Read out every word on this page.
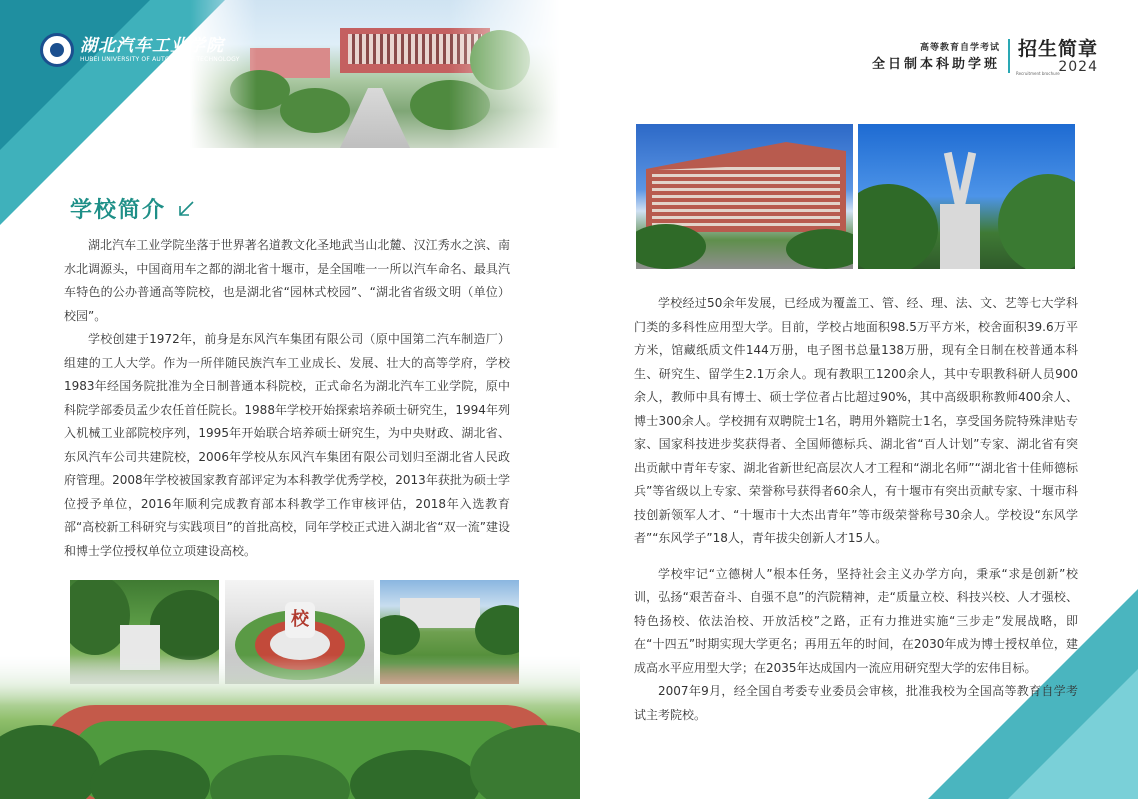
湖北汽车工业学院
HUBEI UNIVERSITY OF AUTOMOTIVE TECHNOLOGY
高等教育自学考试
全日制本科助学班
招生简章
2024
Recruitment brochure
学校简介

湖北汽车工业学院坐落于世界著名道教文化圣地武当山北麓、汉江秀水之滨、南水北调源头，中国商用车之都的湖北省十堰市，是全国唯一一所以汽车命名、最具汽车特色的公办普通高等院校，也是湖北省“园林式校园”、“湖北省省级文明（单位）校园”。

学校创建于1972年，前身是东风汽车集团有限公司（原中国第二汽车制造厂）组建的工人大学。作为一所伴随民族汽车工业成长、发展、壮大的高等学府，学校1983年经国务院批准为全日制普通本科院校，正式命名为湖北汽车工业学院，原中科院学部委员孟少农任首任院长。1988年学校开始探索培养硕士研究生，1994年列入机械工业部院校序列，1995年开始联合培养硕士研究生，为中央财政、湖北省、东风汽车公司共建院校，2006年学校从东风汽车集团有限公司划归至湖北省人民政府管理。2008年学校被国家教育部评定为本科教学优秀学校，2013年获批为硕士学位授予单位，2016年顺利完成教育部本科教学工作审核评估，2018年入选教育部“高校新工科研究与实践项目”的首批高校，同年学校正式进入湖北省“双一流”建设和博士学位授权单位立项建设高校。

学校经过50余年发展，已经成为覆盖工、管、经、理、法、文、艺等七大学科门类的多科性应用型大学。目前，学校占地面积98.5万平方米，校舍面积39.6万平方米，馆藏纸质文件144万册，电子图书总量138万册，现有全日制在校普通本科生、研究生、留学生2.1万余人。现有教职工1200余人，其中专职教科研人员900余人，教师中具有博士、硕士学位者占比超过90%，其中高级职称教师400余人、博士300余人。学校拥有双聘院士1名，聘用外籍院士1名，享受国务院特殊津贴专家、国家科技进步奖获得者、全国师德标兵、湖北省“百人计划”专家、湖北省有突出贡献中青年专家、湖北省新世纪高层次人才工程和“湖北名师”“湖北省十佳师德标兵”等省级以上专家、荣誉称号获得者60余人，有十堰市有突出贡献专家、十堰市科技创新领军人才、“十堰市十大杰出青年”等市级荣誉称号30余人。学校设“东风学者”“东风学子”18人，青年拔尖创新人才15人。

学校牢记“立德树人”根本任务，坚持社会主义办学方向，秉承“求是创新”校训，弘扬“艰苦奋斗、自强不息”的汽院精神，走“质量立校、科技兴校、人才强校、特色扬校、依法治校、开放活校”之路，正有力推进实施“三步走”发展战略，即在“十四五”时期实现大学更名；再用五年的时间，在2030年成为博士授权单位，建成高水平应用型大学；在2035年达成国内一流应用研究型大学的宏伟目标。

2007年9月，经全国自考委专业委员会审核，批准我校为全国高等教育自学考试主考院校。

校
